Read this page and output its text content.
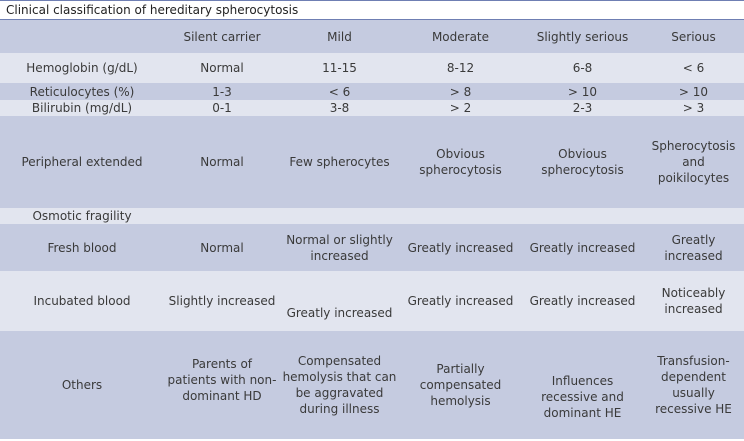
Clinical classification of hereditary spherocytosis
	Silent carrier	Mild	Moderate	Slightly serious	Serious
Hemoglobin (g/dL)	Normal	11-15	8-12	6-8	< 6
Reticulocytes (%)	1-3	< 6	> 8	> 10	> 10
Bilirubin (mg/dL)	0-1	3-8	> 2	2-3	> 3
Peripheral extended	Normal	Few spherocytes	Obvious spherocytosis	Obvious spherocytosis	Spherocytosis and poikilocytes
Osmotic fragility					
Fresh blood	Normal	Normal or slightly increased	Greatly increased	Greatly increased	Greatly increased
Incubated blood	Slightly increased	Greatly increased	Greatly increased	Greatly increased	Noticeably increased
Others	Parents of patients with non-dominant HD	Compensated hemolysis that can be aggravated during illness	Partially compensated hemolysis	Influences recessive and dominant HE	Transfusion-dependent usually recessive HE
